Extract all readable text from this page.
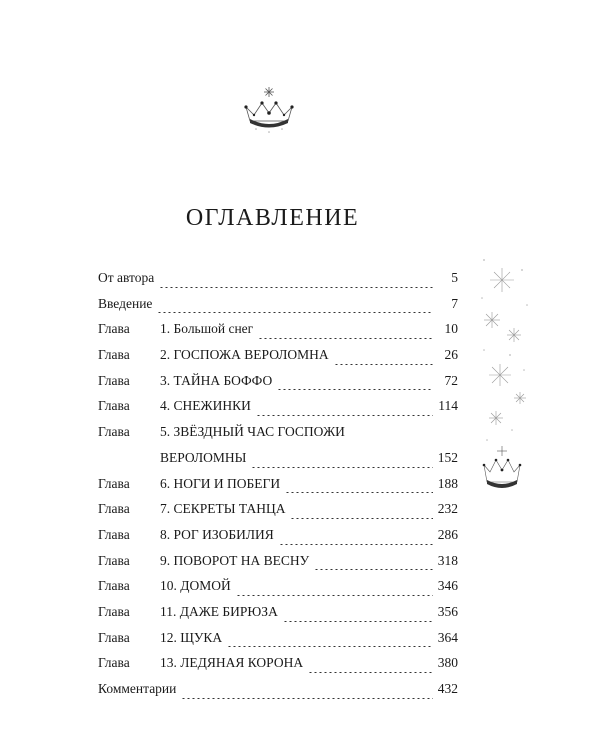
ОГЛАВЛЕНИЕ
От автора	5
Введение	7
Глава	1. Большой снег	10
Глава	2. ГОСПОЖА ВЕРОЛОМНА	26
Глава	3. ТАЙНА БОФФО	72
Глава	4. СНЕЖИНКИ	114
Глава	5. ЗВЁЗДНЫЙ ЧАС ГОСПОЖИ
ВЕРОЛОМНЫ	152
Глава	6. НОГИ И ПОБЕГИ	188
Глава	7. СЕКРЕТЫ ТАНЦА	232
Глава	8. РОГ ИЗОБИЛИЯ	286
Глава	9. ПОВОРОТ НА ВЕСНУ	318
Глава	10. ДОМОЙ	346
Глава	11. ДАЖЕ БИРЮЗА	356
Глава	12. ЩУКА	364
Глава	13. ЛЕДЯНАЯ КОРОНА	380
Комментарии	432
